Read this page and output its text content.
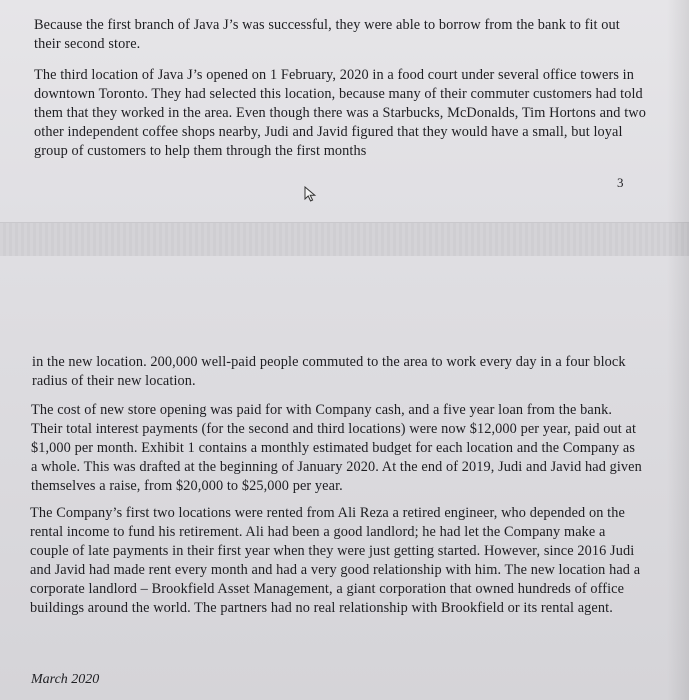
Because the first branch of Java J’s was successful, they were able to borrow from the bank to fit out their second store.

The third location of Java J’s opened on 1 February, 2020 in a food court under several office towers in downtown Toronto. They had selected this location, because many of their commuter customers had told them that they worked in the area. Even though there was a Starbucks, McDonalds, Tim Hortons and two other independent coffee shops nearby, Judi and Javid figured that they would have a small, but loyal group of customers to help them through the first months

3

in the new location. 200,000 well-paid people commuted to the area to work every day in a four block radius of their new location.

The cost of new store opening was paid for with Company cash, and a five year loan from the bank. Their total interest payments (for the second and third locations) were now $12,000 per year, paid out at $1,000 per month. Exhibit 1 contains a monthly estimated budget for each location and the Company as a whole. This was drafted at the beginning of January 2020. At the end of 2019, Judi and Javid had given themselves a raise, from $20,000 to $25,000 per year.

The Company’s first two locations were rented from Ali Reza a retired engineer, who depended on the rental income to fund his retirement. Ali had been a good landlord; he had let the Company make a couple of late payments in their first year when they were just getting started. However, since 2016 Judi and Javid had made rent every month and had a very good relationship with him. The new location had a corporate landlord – Brookfield Asset Management, a giant corporation that owned hundreds of office buildings around the world. The partners had no real relationship with Brookfield or its rental agent.

March 2020
